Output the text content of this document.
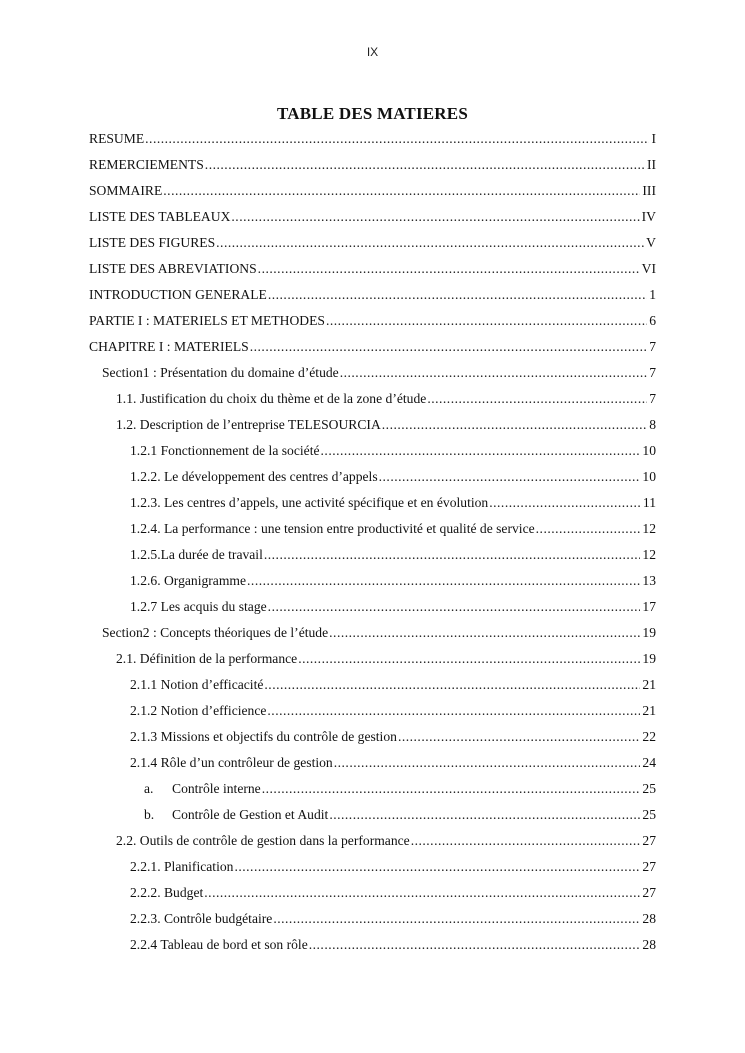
IX
TABLE DES MATIERES
RESUME .....	I
REMERCIEMENTS .....	II
SOMMAIRE .....	III
LISTE DES TABLEAUX .....	IV
LISTE DES FIGURES .....	V
LISTE DES ABREVIATIONS .....	VI
INTRODUCTION GENERALE .....	1
PARTIE I : MATERIELS ET METHODES .....	6
CHAPITRE I : MATERIELS .....	7
Section1 : Présentation du domaine d’étude .....	7
1.1. Justification du choix du thème et de la zone d’étude .....	7
1.2. Description de l’entreprise TELESOURCIA .....	8
1.2.1 Fonctionnement de la société .....	10
1.2.2. Le développement des centres d’appels .....	10
1.2.3. Les centres d’appels, une activité spécifique et en évolution .....	11
1.2.4. La performance : une tension entre productivité et qualité de service .....	12
1.2.5.La durée de travail .....	12
1.2.6. Organigramme .....	13
1.2.7 Les acquis du stage .....	17
Section2 : Concepts théoriques de l’étude .....	19
2.1. Définition de la performance .....	19
2.1.1 Notion d’efficacité .....	21
2.1.2 Notion d’efficience .....	21
2.1.3 Missions et objectifs du contrôle de gestion .....	22
2.1.4 Rôle d’un contrôleur de gestion .....	24
a. Contrôle interne .....	25
b. Contrôle de Gestion et Audit .....	25
2.2. Outils de contrôle de gestion dans la performance .....	27
2.2.1. Planification .....	27
2.2.2. Budget .....	27
2.2.3. Contrôle budgétaire .....	28
2.2.4 Tableau de bord et son rôle .....	28
